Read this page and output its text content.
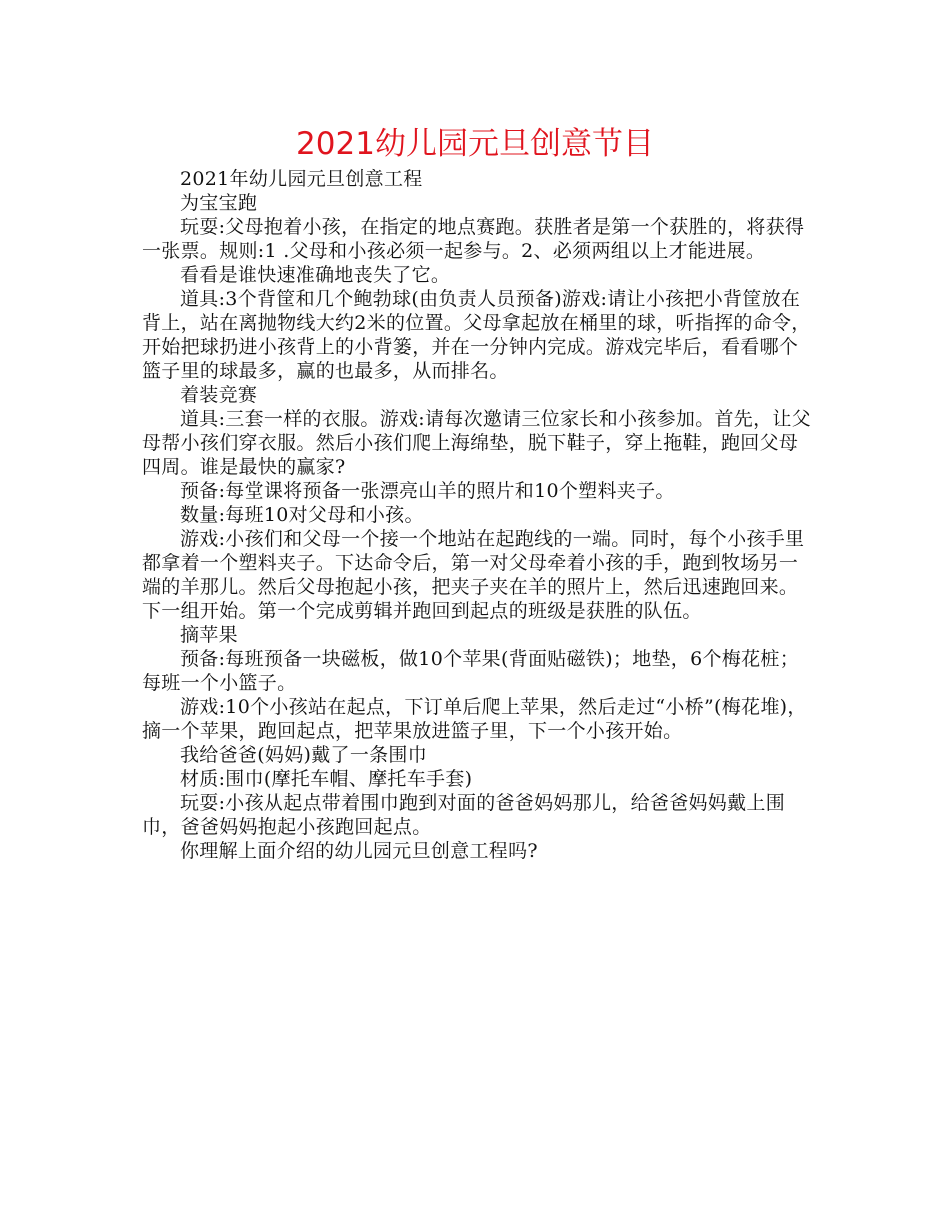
2021幼儿园元旦创意节目

2021年幼儿园元旦创意工程

为宝宝跑

玩耍:父母抱着小孩，在指定的地点赛跑。获胜者是第一个获胜的，将获得一张票。规则:1 .父母和小孩必须一起参与。2、必须两组以上才能进展。

看看是谁快速准确地丧失了它。

道具:3个背筐和几个鲍勃球(由负责人员预备)游戏:请让小孩把小背筐放在背上，站在离抛物线大约2米的位置。父母拿起放在桶里的球，听指挥的命令，开始把球扔进小孩背上的小背篓，并在一分钟内完成。游戏完毕后，看看哪个篮子里的球最多，赢的也最多，从而排名。

着装竞赛

道具:三套一样的衣服。游戏:请每次邀请三位家长和小孩参加。首先，让父母帮小孩们穿衣服。然后小孩们爬上海绵垫，脱下鞋子，穿上拖鞋，跑回父母四周。谁是最快的赢家?

预备:每堂课将预备一张漂亮山羊的照片和10个塑料夹子。

数量:每班10对父母和小孩。

游戏:小孩们和父母一个接一个地站在起跑线的一端。同时，每个小孩手里都拿着一个塑料夹子。下达命令后，第一对父母牵着小孩的手，跑到牧场另一端的羊那儿。然后父母抱起小孩，把夹子夹在羊的照片上，然后迅速跑回来。下一组开始。第一个完成剪辑并跑回到起点的班级是获胜的队伍。

摘苹果

预备:每班预备一块磁板，做10个苹果(背面贴磁铁)；地垫，6个梅花桩；每班一个小篮子。

游戏:10个小孩站在起点，下订单后爬上苹果，然后走过“小桥”(梅花堆)，摘一个苹果，跑回起点，把苹果放进篮子里，下一个小孩开始。

我给爸爸(妈妈)戴了一条围巾

材质:围巾(摩托车帽、摩托车手套)

玩耍:小孩从起点带着围巾跑到对面的爸爸妈妈那儿，给爸爸妈妈戴上围巾，爸爸妈妈抱起小孩跑回起点。

你理解上面介绍的幼儿园元旦创意工程吗?
